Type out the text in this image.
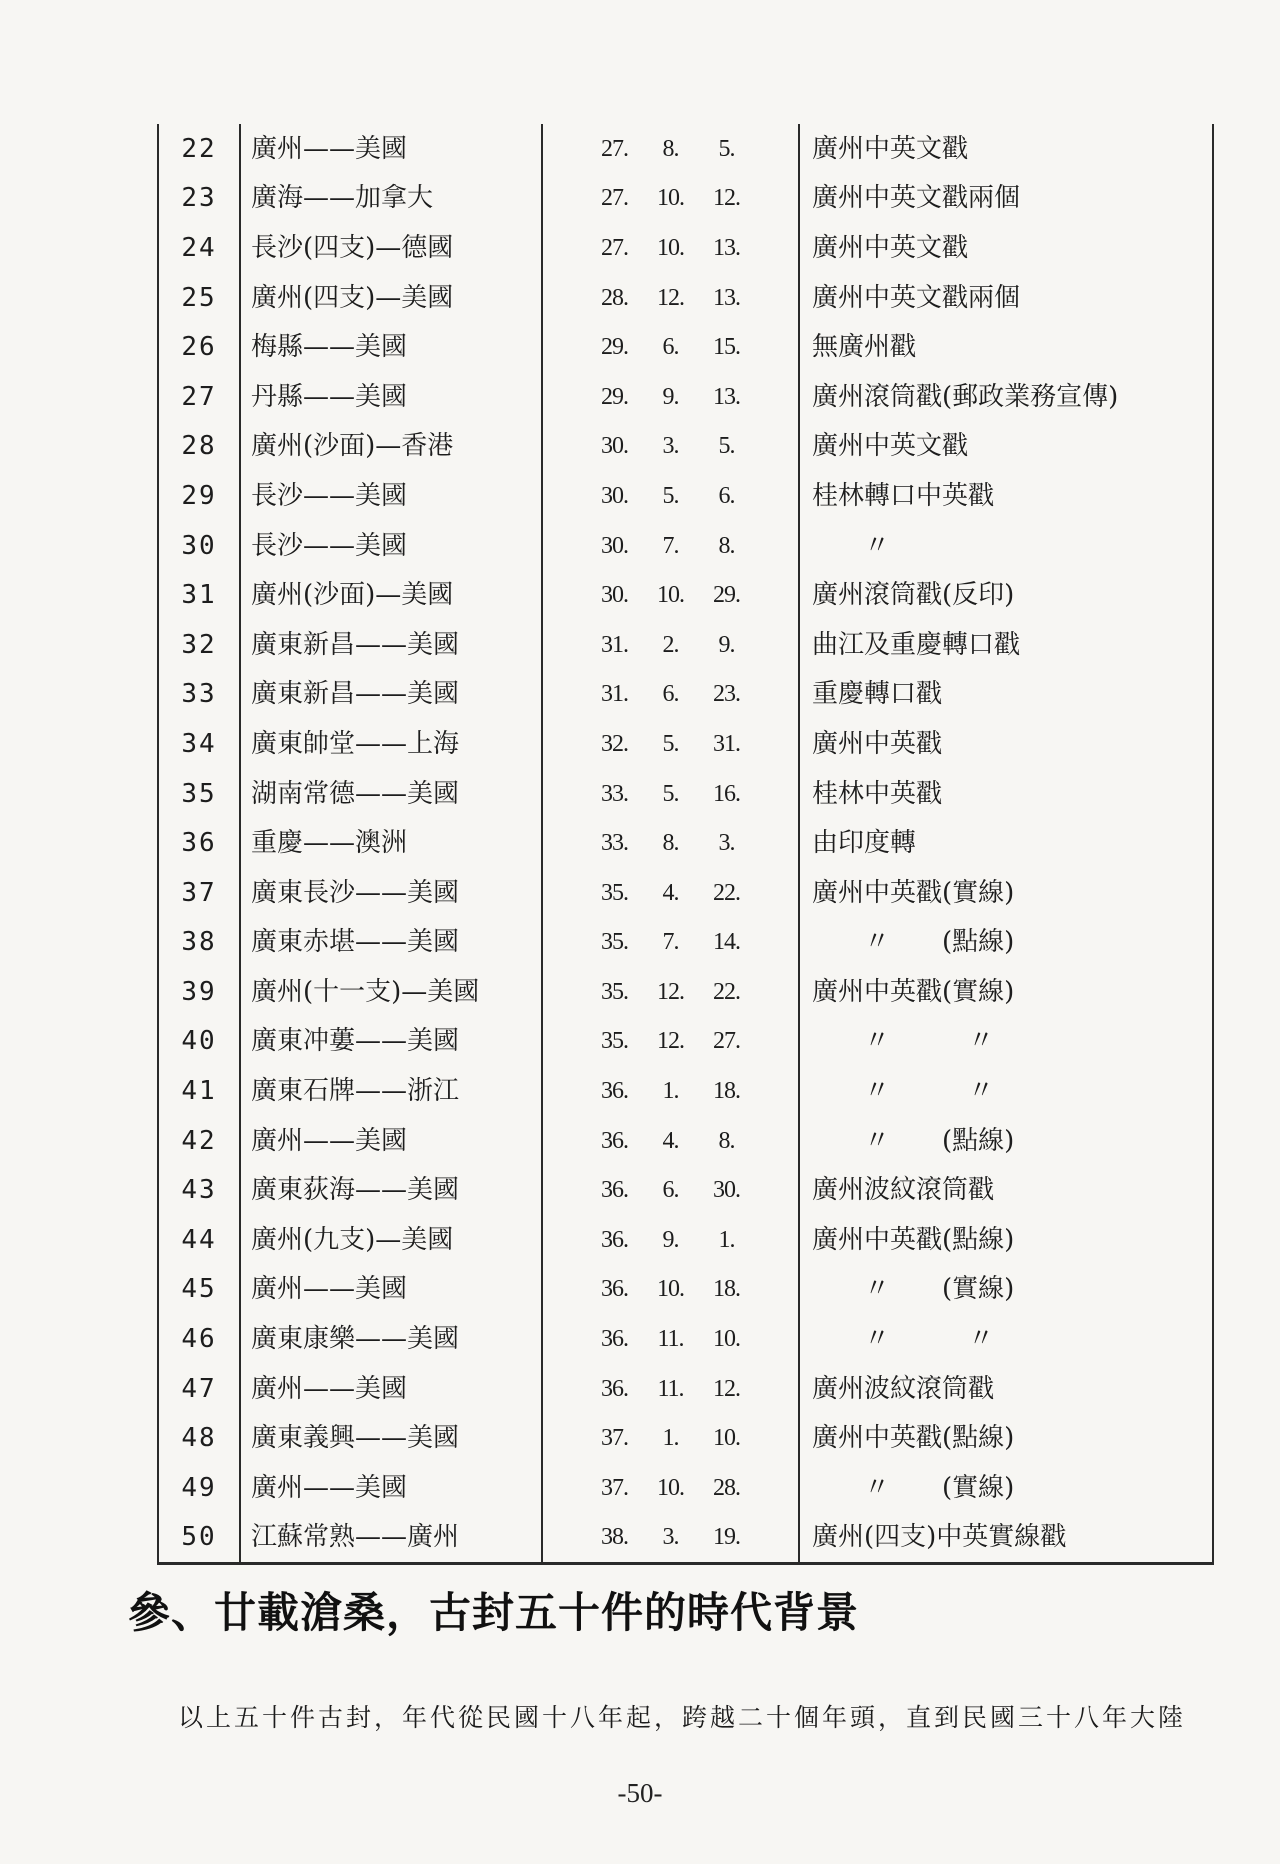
22	廣州——美國	27. 8. 5.	廣州中英文戳
23	廣海——加拿大	27. 10. 12.	廣州中英文戳兩個
24	長沙(四支)—德國	27. 10. 13.	廣州中英文戳
25	廣州(四支)—美國	28. 12. 13.	廣州中英文戳兩個
26	梅縣——美國	29. 6. 15.	無廣州戳
27	丹縣——美國	29. 9. 13.	廣州滾筒戳(郵政業務宣傳)
28	廣州(沙面)—香港	30. 3. 5.	廣州中英文戳
29	長沙——美國	30. 5. 6.	桂林轉口中英戳
30	長沙——美國	30. 7. 8.	　　〃
31	廣州(沙面)—美國	30. 10. 29.	廣州滾筒戳(反印)
32	廣東新昌——美國	31. 2. 9.	曲江及重慶轉口戳
33	廣東新昌——美國	31. 6. 23.	重慶轉口戳
34	廣東帥堂——上海	32. 5. 31.	廣州中英戳
35	湖南常德——美國	33. 5. 16.	桂林中英戳
36	重慶——澳洲	33. 8. 3.	由印度轉
37	廣東長沙——美國	35. 4. 22.	廣州中英戳(實線)
38	廣東赤堪——美國	35. 7. 14.	　　〃　　(點線)
39	廣州(十一支)—美國	35. 12. 22.	廣州中英戳(實線)
40	廣東冲蔞——美國	35. 12. 27.	　　〃　　　〃
41	廣東石牌——浙江	36. 1. 18.	　　〃　　　〃
42	廣州——美國	36. 4. 8.	　　〃　　(點線)
43	廣東荻海——美國	36. 6. 30.	廣州波紋滾筒戳
44	廣州(九支)—美國	36. 9. 1.	廣州中英戳(點線)
45	廣州——美國	36. 10. 18.	　　〃　　(實線)
46	廣東康樂——美國	36. 11. 10.	　　〃　　　〃
47	廣州——美國	36. 11. 12.	廣州波紋滾筒戳
48	廣東義興——美國	37. 1. 10.	廣州中英戳(點線)
49	廣州——美國	37. 10. 28.	　　〃　　(實線)
50	江蘇常熟——廣州	38. 3. 19.	廣州(四支)中英實線戳
參、廿載滄桑，古封五十件的時代背景
以上五十件古封，年代從民國十八年起，跨越二十個年頭，直到民國三十八年大陸
-50-
